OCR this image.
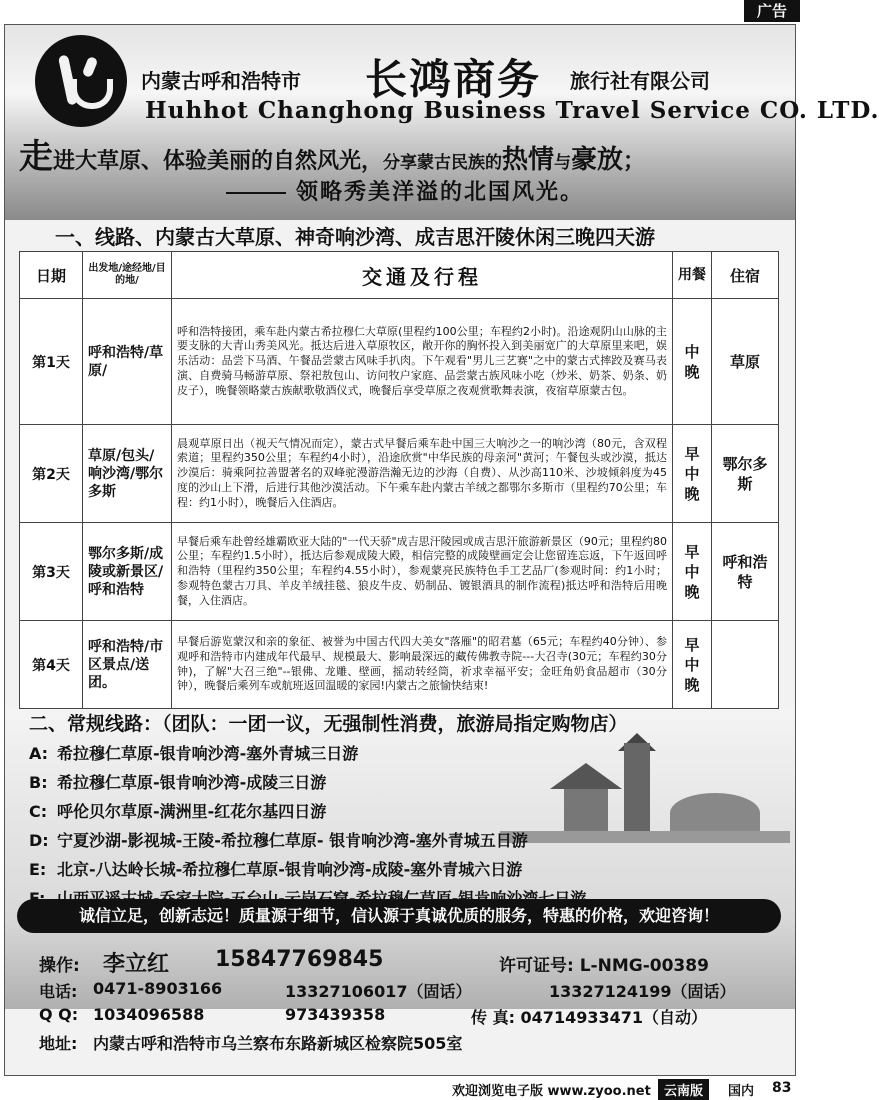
广告
内蒙古呼和浩特市 长鸿商务 旅行社有限公司
Huhhot Changhong Business Travel Service CO. LTD.
走进大草原、体验美丽的自然风光，分享蒙古民族的热情与豪放；
领略秀美洋溢的北国风光。
一、线路、内蒙古大草原、神奇响沙湾、成吉思汗陵休闲三晚四天游
日期	出发地/途经地/目的地/	交通及行程	用餐	住宿
第1天	呼和浩特/草原/	呼和浩特接团，乘车赴内蒙古希拉穆仁大草原(里程约100公里；车程约2小时)。沿途观阴山山脉的主要支脉的大青山秀美风光。抵达后进入草原牧区，敞开你的胸怀投入到美丽宽广的大草原里来吧，娱乐活动：品尝下马酒、午餐品尝蒙古风味手扒肉。下午观看"男儿三艺赛"之中的蒙古式摔跤及赛马表演、自费骑马畅游草原、祭祀敖包山、访问牧户家庭、品尝蒙古族风味小吃（炒米、奶茶、奶条、奶皮子），晚餐领略蒙古族献歌敬酒仪式，晚餐后享受草原之夜观赏歌舞表演，夜宿草原蒙古包。	中晚	草原
第2天	草原/包头/响沙湾/鄂尔多斯	晨观草原日出（视天气情况而定），蒙古式早餐后乘车赴中国三大响沙之一的响沙湾（80元，含双程索道；里程约350公里；车程约4小时），沿途欣赏"中华民族的母亲河"黄河；午餐包头或沙漠，抵达沙漠后：骑乘阿拉善盟著名的双峰驼漫游浩瀚无边的沙海（自费）、从沙高110米、沙坡倾斜度为45度的沙山上下滑，后进行其他沙漠活动。下午乘车赴内蒙古羊绒之都鄂尔多斯市（里程约70公里；车程：约1小时），晚餐后入住酒店。	早中晚	鄂尔多斯
第3天	鄂尔多斯/成陵或新景区/呼和浩特	早餐后乘车赴曾经雄霸欧亚大陆的"一代天骄"成吉思汗陵园或成吉思汗旅游新景区（90元；里程约80公里；车程约1.5小时），抵达后参观成陵大殿，相信完整的成陵壁画定会让您留连忘返，下午返回呼和浩特（里程约350公里；车程约4.55小时），参观蒙亮民族特色手工艺品厂(参观时间：约1小时；参观特色蒙古刀具、羊皮羊绒挂毯、狼皮牛皮、奶制品、镀银酒具的制作流程)抵达呼和浩特后用晚餐，入住酒店。	早中晚	呼和浩特
第4天	呼和浩特/市区景点/送团。	早餐后游览蒙汉和亲的象征、被誉为中国古代四大美女"落雁"的昭君墓（65元；车程约40分钟）、参观呼和浩特市内建成年代最早、规模最大、影响最深远的藏传佛教寺院---大召寺(30元；车程约30分钟)，了解"大召三绝"--银佛、龙雕、壁画，摇动转经筒，祈求幸福平安；金旺角奶食品超市（30分钟），晚餐后乘列车或航班返回温暖的家园!内蒙古之旅愉快结束!	早中晚	
二、常规线路：（团队：一团一议，无强制性消费，旅游局指定购物店）
A: 希拉穆仁草原-银肯响沙湾-塞外青城三日游
B: 希拉穆仁草原-银肯响沙湾-成陵三日游
C: 呼伦贝尔草原-满洲里-红花尔基四日游
D: 宁夏沙湖-影视城-王陵-希拉穆仁草原- 银肯响沙湾-塞外青城五日游
E: 北京-八达岭长城-希拉穆仁草原-银肯响沙湾-成陵-塞外青城六日游
诚信立足，创新志远！质量源于细节，信认源于真诚优质的服务，特惠的价格，欢迎咨询！
操作: 李立红 15847769845	许可证号: L-NMG-00389
电话: 0471-8903166	13327106017（固话）	13327124199（固话）
Q Q: 1034096588	973439358	传 真: 04714933471（自动）
地址: 内蒙古呼和浩特市乌兰察布东路新城区检察院505室
欢迎浏览电子版 www.zyoo.net	云南版	国内 83
